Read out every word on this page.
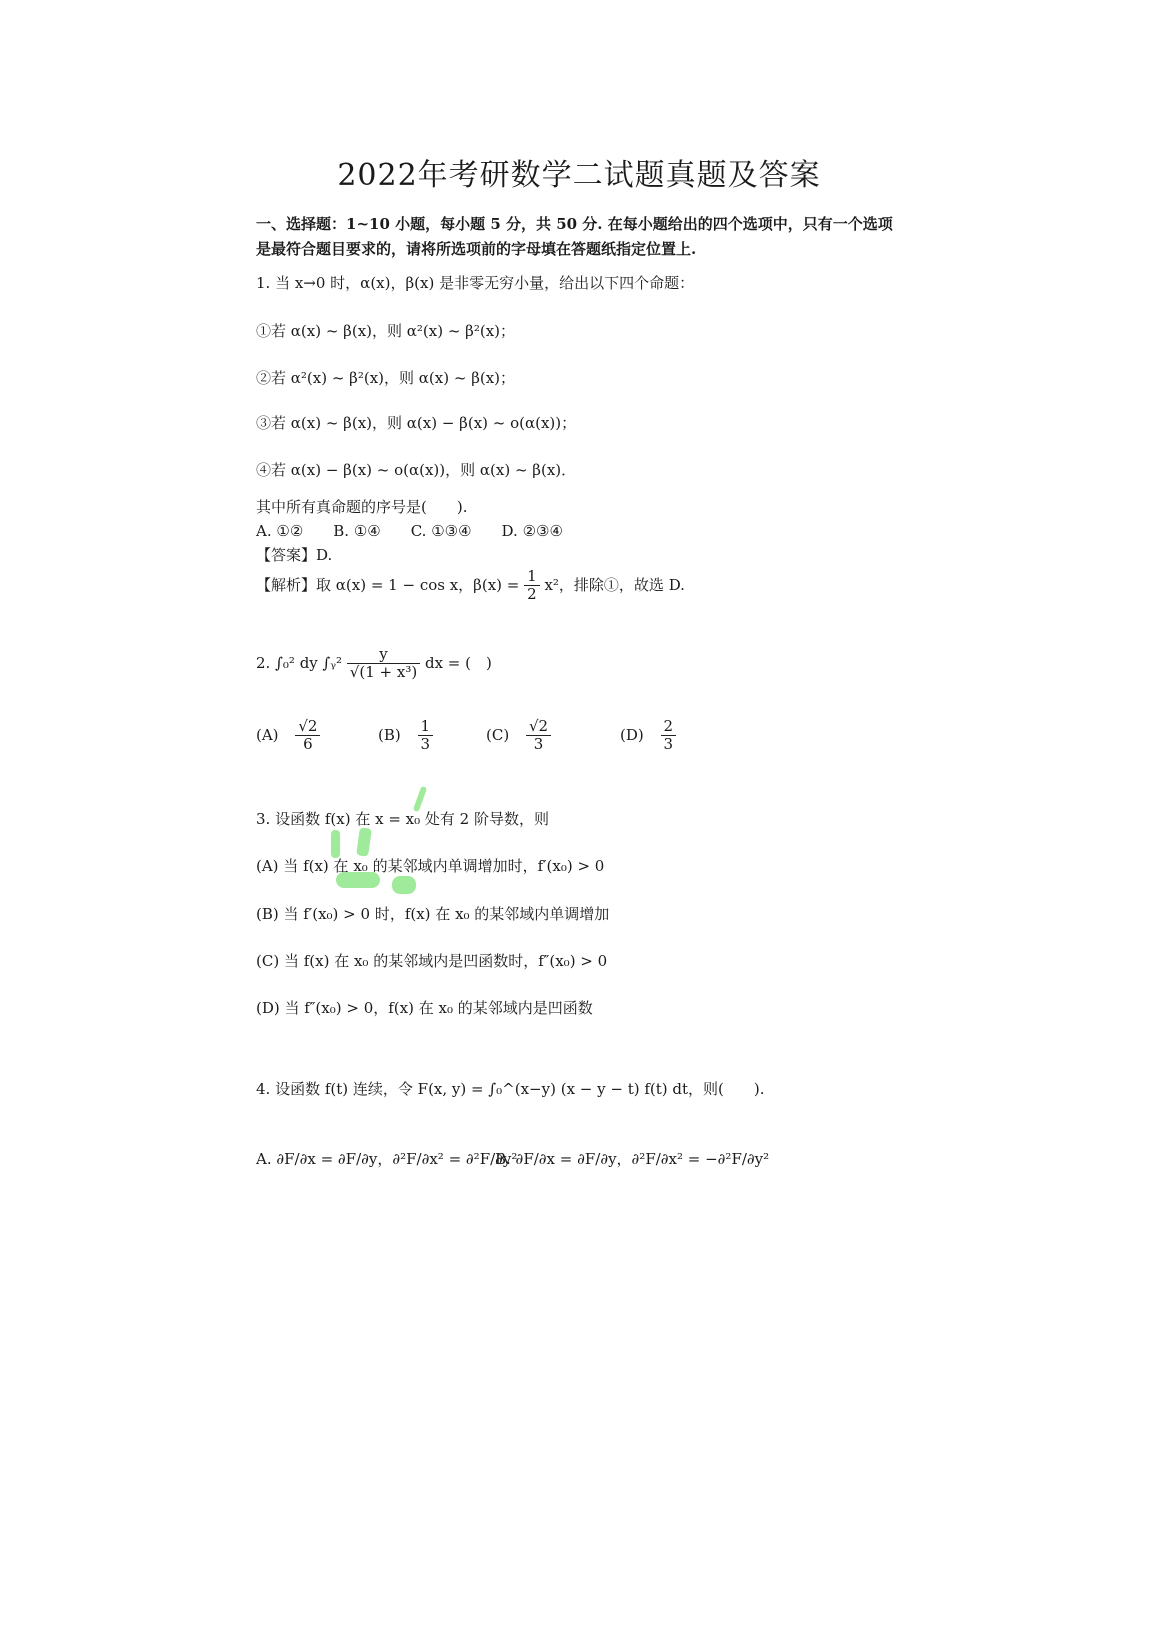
2022年考研数学二试题真题及答案
一、选择题：1~10 小题，每小题 5 分，共 50 分. 在每小题给出的四个选项中，只有一个选项
是最符合题目要求的，请将所选项前的字母填在答题纸指定位置上.
1. 当 x→0 时，α(x)，β(x) 是非零无穷小量，给出以下四个命题：
①若 α(x) ~ β(x)，则 α²(x) ~ β²(x)；
②若 α²(x) ~ β²(x)，则 α(x) ~ β(x)；
③若 α(x) ~ β(x)，则 α(x) − β(x) ~ o(α(x))；
④若 α(x) − β(x) ~ o(α(x))，则 α(x) ~ β(x)．
其中所有真命题的序号是(　　).
A. ①②　　B. ①④　　C. ①③④　　D. ②③④
【答案】D.
【解析】取 α(x) = 1 − cos x，$\beta(x) = \frac{1}{2} x^2$，排除①，故选 D.
2. ∫₀² dy ∫ᵧ² $\frac{y}{\text{√(1 + x³)}}$ dx = (　)
$(A) \frac{√2}{6}$	$(B) \frac{1}{3}$	$(C) \frac{√2}{3}$	$(D) \frac{2}{3}$
3. 设函数 f(x) 在 x = x₀ 处有 2 阶导数，则
(A) 当 f(x) 在 x₀ 的某邻域内单调增加时，f′(x₀) > 0
(B) 当 f′(x₀) > 0 时，f(x) 在 x₀ 的某邻域内单调增加
(C) 当 f(x) 在 x₀ 的某邻域内是凹函数时，f″(x₀) > 0
(D) 当 f″(x₀) > 0，f(x) 在 x₀ 的某邻域内是凹函数
4. 设函数 f(t) 连续，令 F(x, y) = ∫₀^(x−y) (x − y − t) f(t) dt，则(　　).
A. ∂F/∂x = ∂F/∂y，∂²F/∂x² = ∂²F/∂y²
B. ∂F/∂x = ∂F/∂y，∂²F/∂x² = −∂²F/∂y²
